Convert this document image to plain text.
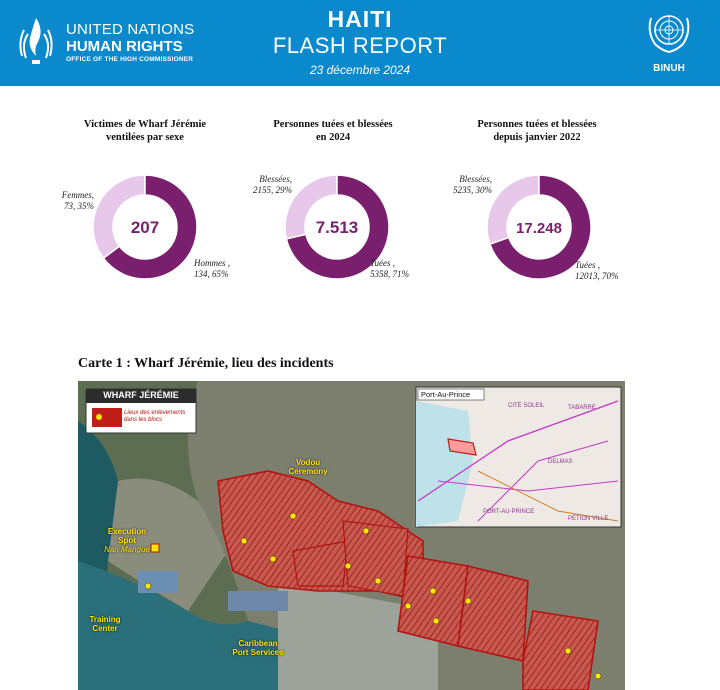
UNITED NATIONS
HUMAN RIGHTS
OFFICE OF THE HIGH COMMISSIONER
HAITI
FLASH REPORT
23 décembre 2024	BINUH
Victimes de Wharf Jérémie
ventilées par sexe
Personnes tuées et blessées
en 2024
Personnes tuées et blessées
depuis janvier 2022
207	7.513	17.248
Femmes,
73, 35%
Hommes ,
134, 65%
Blessées,
2155, 29%
Tuées ,
5358, 71%
Blessées,
5235, 30%
Tuées ,
12013, 70%
Carte 1 : Wharf Jérémie, lieu des incidents
WHARF JÉRÉMIE
Lieux des enlèvements
dans les blocs
Port-Au-Prince
CITÉ SOLEIL	TABARRE
DELMAS
PORT-AU-PRINCE
PÉTION VILLE
Vodou
Ceremony
Execution
Spot
Nan Mangue
Training
Center
Caribbean
Port Services
